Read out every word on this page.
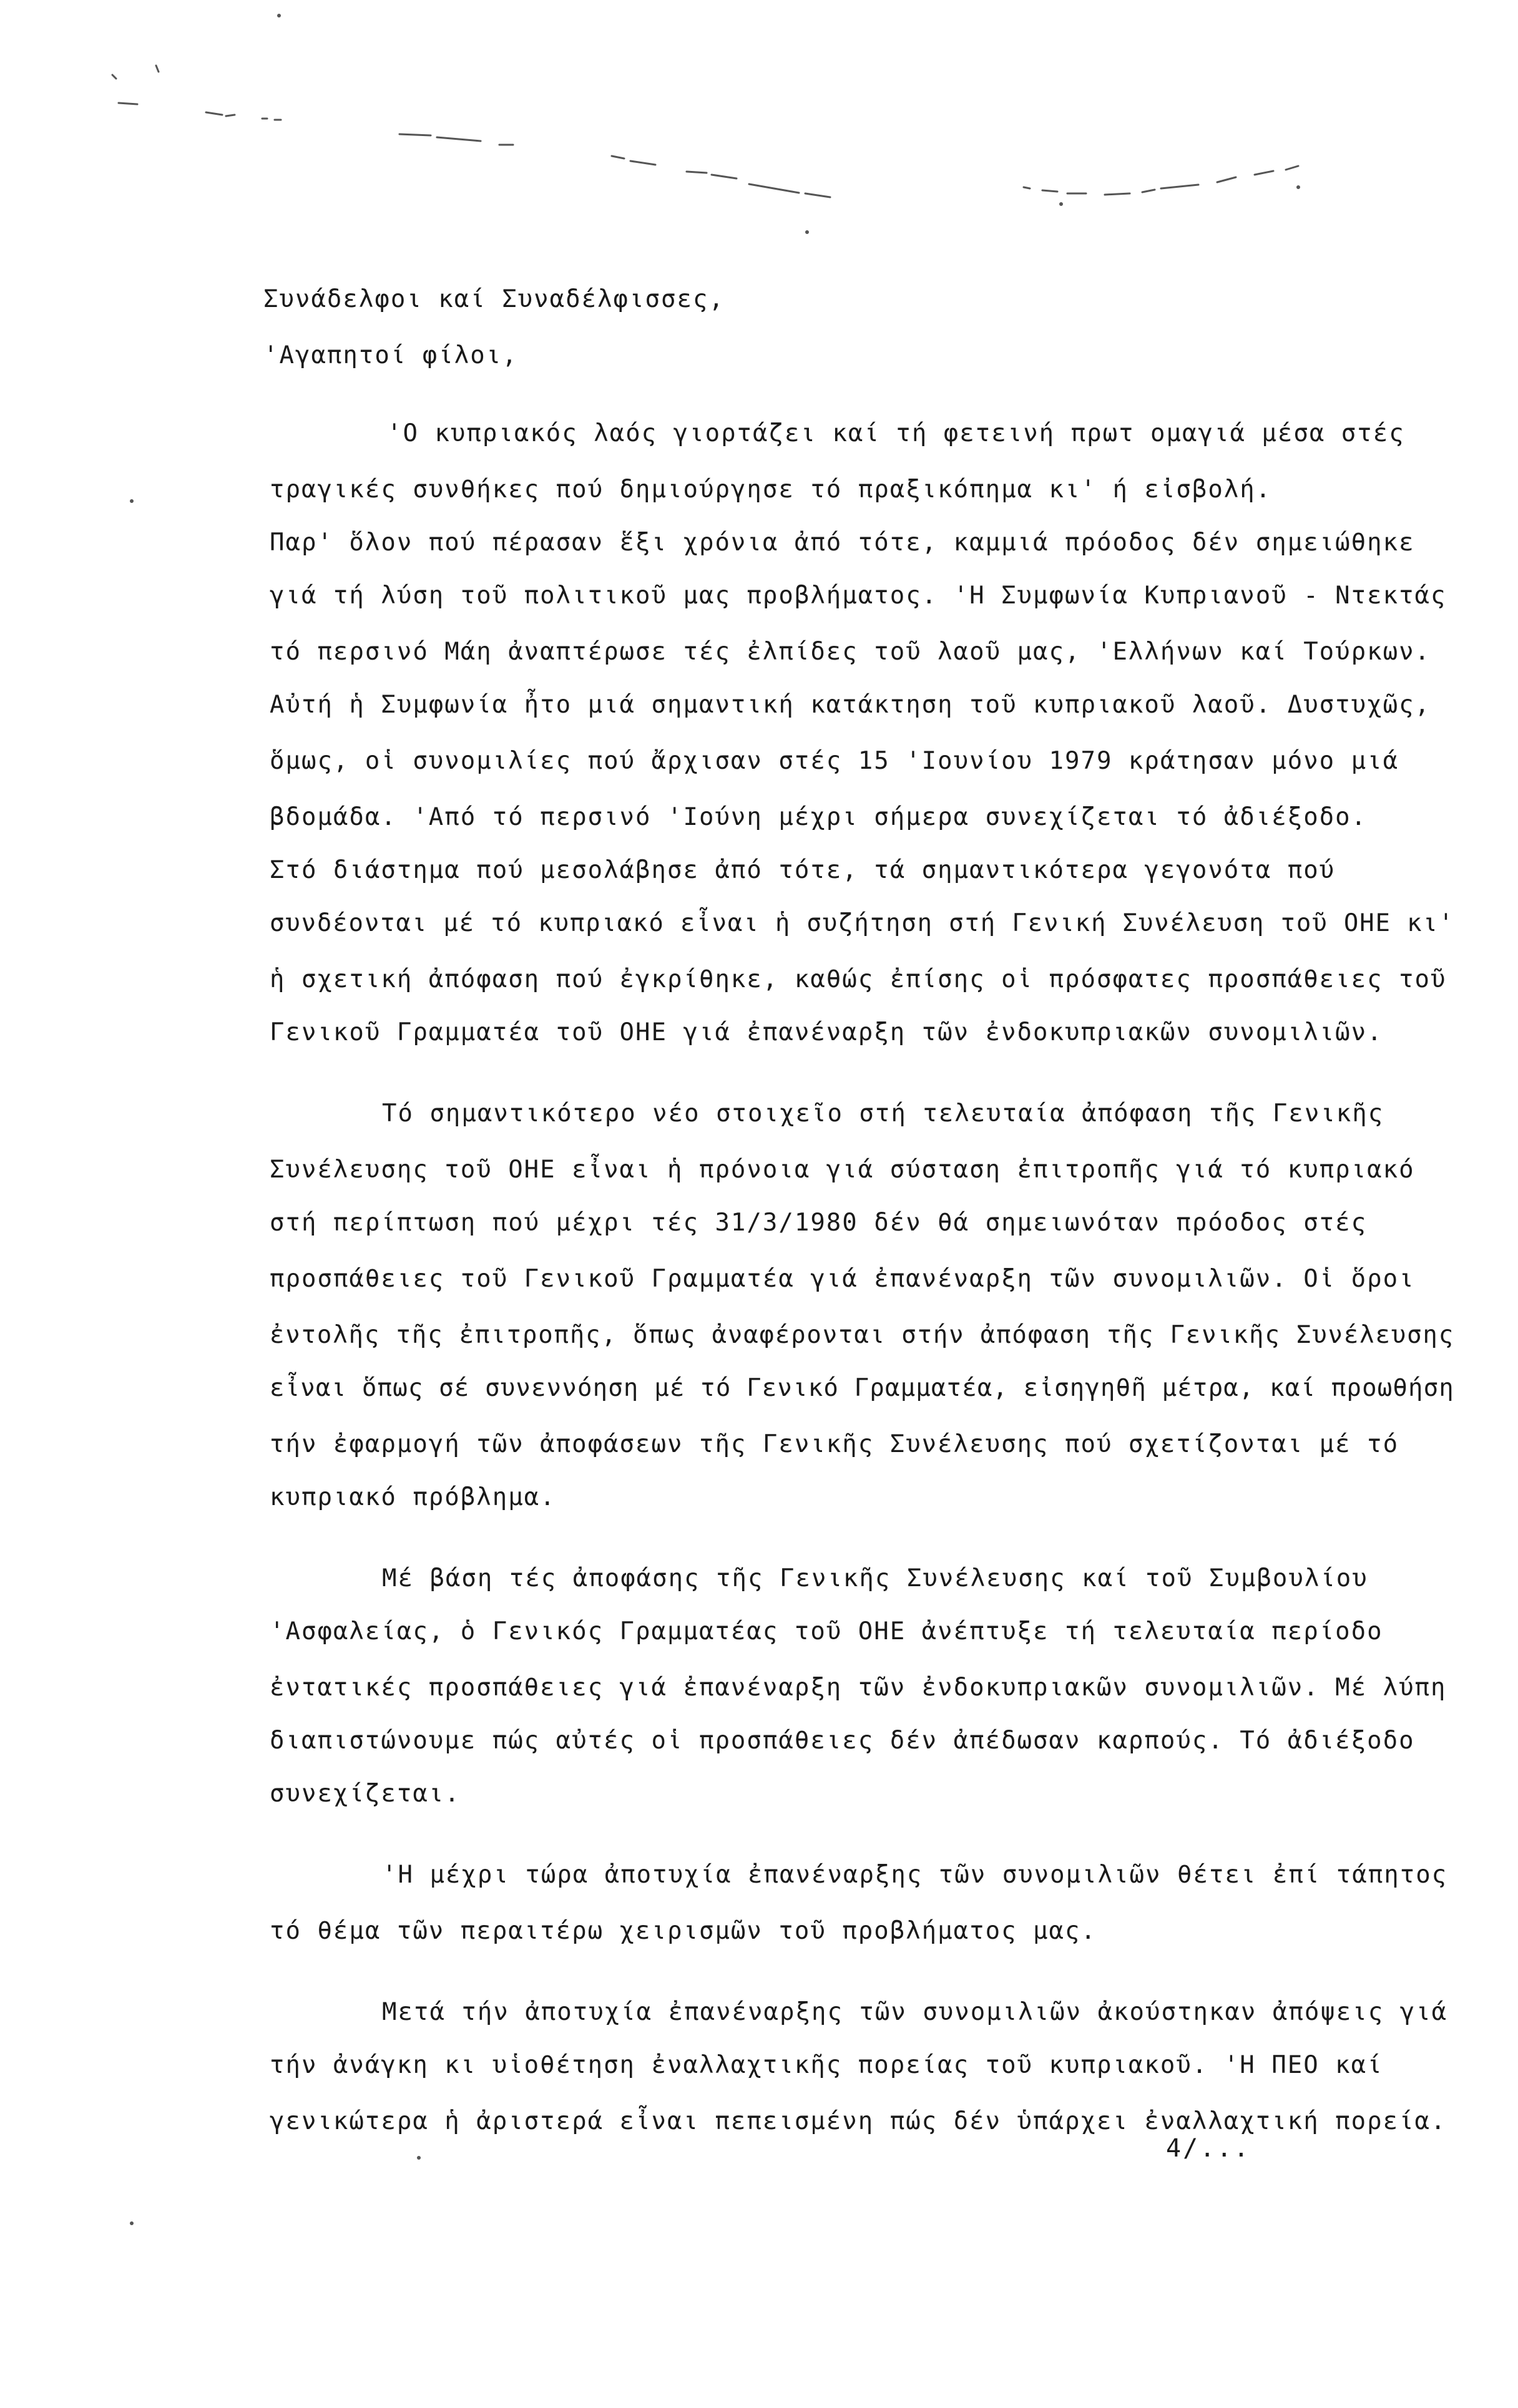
Συνάδελφοι καί Συναδέλφισσες,
'Αγαπητοί φίλοι,
'Ο κυπριακός λαός γιορτάζει καί τή φετεινή πρωτ ομαγιά μέσα στές
τραγικές συνθήκες πού δημιούργησε τό πραξικόπημα κι' ή εἰσβολή.
Παρ' ὅλον πού πέρασαν ἕξι χρόνια ἀπό τότε, καμμιά πρόοδος δέν σημειώθηκε
γιά τή λύση τοῦ πολιτικοῦ μας προβλήματος. 'Η Συμφωνία Κυπριανοῦ - Ντεκτάς
τό περσινό Μάη ἀναπτέρωσε τές ἐλπίδες τοῦ λαοῦ μας, 'Ελλήνων καί Τούρκων.
Αὐτή ἡ Συμφωνία ἦτο μιά σημαντική κατάκτηση τοῦ κυπριακοῦ λαοῦ. Δυστυχῶς,
ὅμως, οἱ συνομιλίες πού ἄρχισαν στές 15 'Ιουνίου 1979 κράτησαν μόνο μιά
βδομάδα. 'Από τό περσινό 'Ιούνη μέχρι σήμερα συνεχίζεται τό ἀδιέξοδο.
Στό διάστημα πού μεσολάβησε ἀπό τότε, τά σημαντικότερα γεγονότα πού
συνδέονται μέ τό κυπριακό εἶναι ἡ συζήτηση στή Γενική Συνέλευση τοῦ ΟΗΕ κι'
ἡ σχετική ἀπόφαση πού ἐγκρίθηκε, καθώς ἐπίσης οἱ πρόσφατες προσπάθειες τοῦ
Γενικοῦ Γραμματέα τοῦ ΟΗΕ γιά ἐπανέναρξη τῶν ἐνδοκυπριακῶν συνομιλιῶν.
Τό σημαντικότερο νέο στοιχεῖο στή τελευταία ἀπόφαση τῆς Γενικῆς
Συνέλευσης τοῦ ΟΗΕ εἶναι ἡ πρόνοια γιά σύσταση ἐπιτροπῆς γιά τό κυπριακό
στή περίπτωση πού μέχρι τές 31/3/1980 δέν θά σημειωνόταν πρόοδος στές
προσπάθειες τοῦ Γενικοῦ Γραμματέα γιά ἐπανέναρξη τῶν συνομιλιῶν. Οἱ ὅροι
ἐντολῆς τῆς ἐπιτροπῆς, ὅπως ἀναφέρονται στήν ἀπόφαση τῆς Γενικῆς Συνέλευσης
εἶναι ὅπως σέ συνεννόηση μέ τό Γενικό Γραμματέα, εἰσηγηθῆ μέτρα, καί προωθήση
τήν ἐφαρμογή τῶν ἀποφάσεων τῆς Γενικῆς Συνέλευσης πού σχετίζονται μέ τό
κυπριακό πρόβλημα.
Μέ βάση τές ἀποφάσης τῆς Γενικῆς Συνέλευσης καί τοῦ Συμβουλίου
'Ασφαλείας, ὁ Γενικός Γραμματέας τοῦ ΟΗΕ ἀνέπτυξε τή τελευταία περίοδο
ἐντατικές προσπάθειες γιά ἐπανέναρξη τῶν ἐνδοκυπριακῶν συνομιλιῶν. Μέ λύπη
διαπιστώνουμε πώς αὐτές οἱ προσπάθειες δέν ἀπέδωσαν καρπούς. Τό ἀδιέξοδο
συνεχίζεται.
'Η μέχρι τώρα ἀποτυχία ἐπανέναρξης τῶν συνομιλιῶν θέτει ἐπί τάπητος
τό θέμα τῶν περαιτέρω χειρισμῶν τοῦ προβλήματος μας.
Μετά τήν ἀποτυχία ἐπανέναρξης τῶν συνομιλιῶν ἀκούστηκαν ἀπόψεις γιά
τήν ἀνάγκη κι υἱοθέτηση ἐναλλαχτικῆς πορείας τοῦ κυπριακοῦ. 'Η ΠΕΟ καί
γενικώτερα ἡ ἀριστερά εἶναι πεπεισμένη πώς δέν ὑπάρχει ἐναλλαχτική πορεία.
4/...
